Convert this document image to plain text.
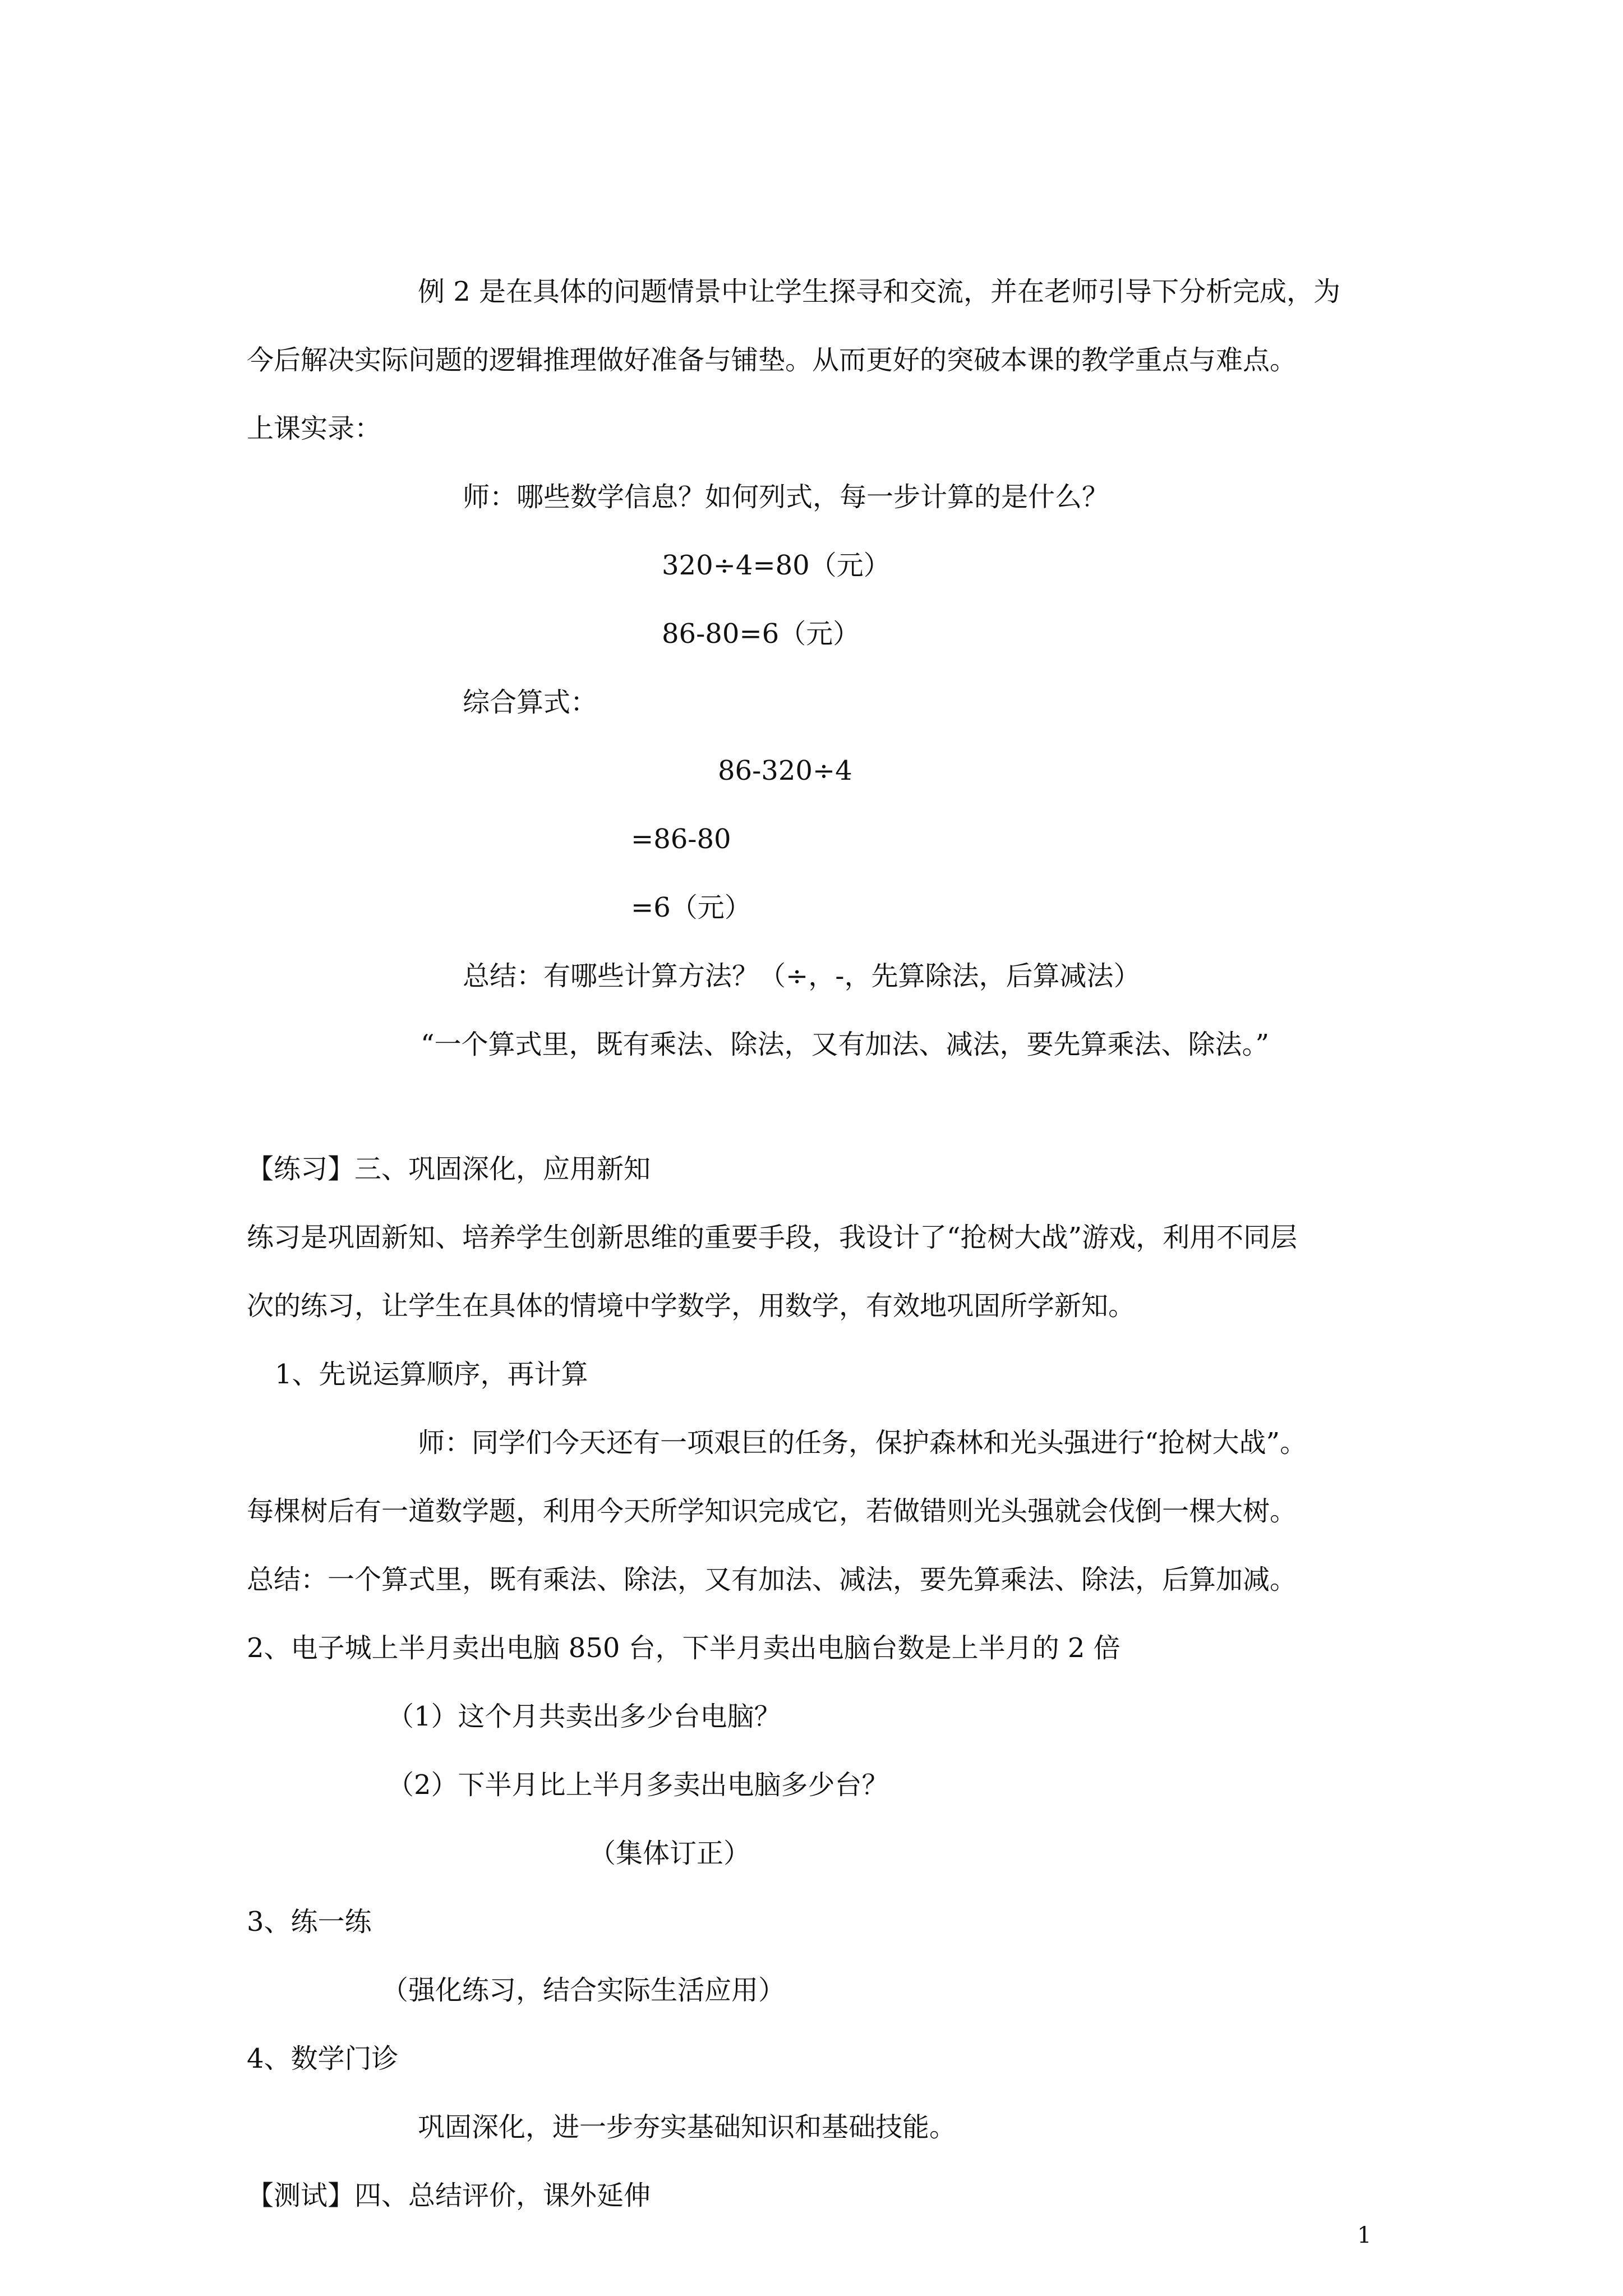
例 2 是在具体的问题情景中让学生探寻和交流，并在老师引导下分析完成，为
今后解决实际问题的逻辑推理做好准备与铺垫。从而更好的突破本课的教学重点与难点。
上课实录：
师：哪些数学信息？如何列式，每一步计算的是什么？
320÷4=80（元）
86-80=6（元）
综合算式：
86-320÷4
=86-80
=6（元）
总结：有哪些计算方法？（÷，-，先算除法，后算减法）
“一个算式里，既有乘法、除法，又有加法、减法，要先算乘法、除法。”
【练习】三、巩固深化，应用新知
练习是巩固新知、培养学生创新思维的重要手段，我设计了“抢树大战”游戏，利用不同层
次的练习，让学生在具体的情境中学数学，用数学，有效地巩固所学新知。
1、先说运算顺序，再计算
师：同学们今天还有一项艰巨的任务，保护森林和光头强进行“抢树大战”。
每棵树后有一道数学题，利用今天所学知识完成它，若做错则光头强就会伐倒一棵大树。
总结：一个算式里，既有乘法、除法，又有加法、减法，要先算乘法、除法，后算加减。
2、电子城上半月卖出电脑 850 台，下半月卖出电脑台数是上半月的 2 倍
（1）这个月共卖出多少台电脑？
（2）下半月比上半月多卖出电脑多少台？
（集体订正）
3、练一练
（强化练习，结合实际生活应用）
4、数学门诊
巩固深化，进一步夯实基础知识和基础技能。
【测试】四、总结评价，课外延伸
1
